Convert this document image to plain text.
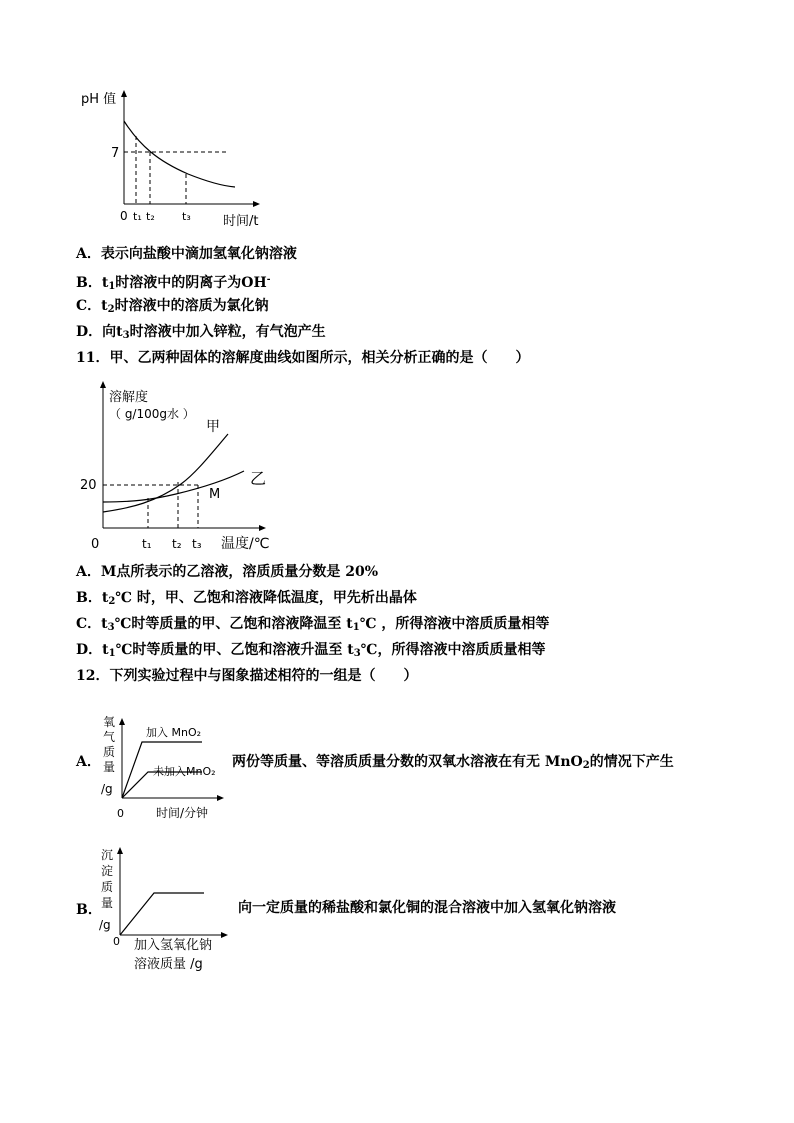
pH 值
7
0 t₁ t₂ t₃ 时间/t
A．表示向盐酸中滴加氢氧化钠溶液
B．$t_1$时溶液中的阴离子为OH-
C．$t_2$时溶液中的溶质为氯化钠
D．向$t_3$时溶液中加入锌粒，有气泡产生
11．甲、乙两种固体的溶解度曲线如图所示，相关分析正确的是（　　）
溶解度
（ g/100g水 ）
20
0	t₁ t₂ t₃ 温度/℃
甲
乙
M
A．M点所表示的乙溶液，溶质质量分数是 20%
B．$t_2℃$ 时，甲、乙饱和溶液降低温度，甲先析出晶体
C．$t_3℃$时等质量的甲、乙饱和溶液降温至 $t_1℃$ ，所得溶液中溶质质量相等
D．$t_1℃$时等质量的甲、乙饱和溶液升温至 $t_3℃$，所得溶液中溶质质量相等
12．下列实验过程中与图象描述相符的一组是（　　）
A．
氧
气
质
量
/g
加入 MnO₂
未加入MnO₂
0	时间/分钟
两份等质量、等溶质质量分数的双氧水溶液在有无 MnO$_2$的情况下产生
B．
沉
淀
质
量
/g
0 加入氢氧化钠
溶液质量 /g
向一定质量的稀盐酸和氯化铜的混合溶液中加入氢氧化钠溶液
